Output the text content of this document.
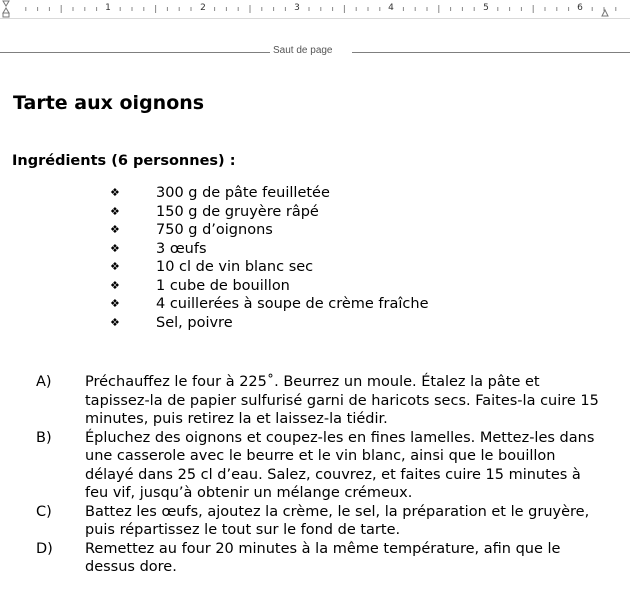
1	2	3	4	5	6
Saut de page
Tarte aux oignons
Ingrédients (6 personnes) :
❖	300 g de pâte feuilletée
❖	150 g de gruyère râpé
❖	750 g d’oignons
❖	3 œufs
❖	10 cl de vin blanc sec
❖	1 cube de bouillon
❖	4 cuillerées à soupe de crème fraîche
❖	Sel, poivre
A)	Préchauffez le four à 225˚. Beurrez un moule. Étalez la pâte et tapissez-la de papier sulfurisé garni de haricots secs. Faites-la cuire 15 minutes, puis retirez la et laissez-la tiédir.
B)	Épluchez des oignons et coupez-les en fines lamelles. Mettez-les dans une casserole avec le beurre et le vin blanc, ainsi que le bouillon délayé dans 25 cl d’eau. Salez, couvrez, et faites cuire 15 minutes à feu vif, jusqu’à obtenir un mélange crémeux.
C)	Battez les œufs, ajoutez la crème, le sel, la préparation et le gruyère, puis répartissez le tout sur le fond de tarte.
D)	Remettez au four 20 minutes à la même température, afin que le dessus dore.
